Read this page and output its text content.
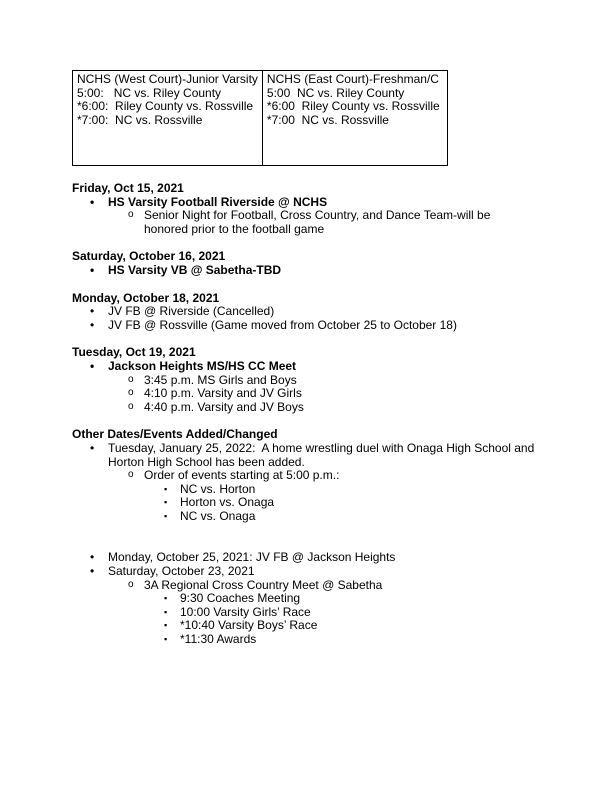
NCHS (West Court)-Junior Varsity
5:00:   NC vs. Riley County
*6:00:  Riley County vs. Rossville
*7:00:  NC vs. Rossville

NCHS (East Court)-Freshman/C
5:00  NC vs. Riley County
*6:00  Riley County vs. Rossville
*7:00  NC vs. Rossville
Friday, Oct 15, 2021
• HS Varsity Football Riverside @ NCHS
o Senior Night for Football, Cross Country, and Dance Team-will be
honored prior to the football game
Saturday, October 16, 2021
• HS Varsity VB @ Sabetha-TBD
Monday, October 18, 2021
• JV FB @ Riverside (Cancelled)
• JV FB @ Rossville (Game moved from October 25 to October 18)
Tuesday, Oct 19, 2021
• Jackson Heights MS/HS CC Meet
o 3:45 p.m. MS Girls and Boys
o 4:10 p.m. Varsity and JV Girls
o 4:40 p.m. Varsity and JV Boys
Other Dates/Events Added/Changed
• Tuesday, January 25, 2022:  A home wrestling duel with Onaga High School and
Horton High School has been added.
o Order of events starting at 5:00 p.m.:
▪ NC vs. Horton
▪ Horton vs. Onaga
▪ NC vs. Onaga
• Monday, October 25, 2021: JV FB @ Jackson Heights
• Saturday, October 23, 2021
o 3A Regional Cross Country Meet @ Sabetha
▪ 9:30 Coaches Meeting
▪ 10:00 Varsity Girls’ Race
▪ *10:40 Varsity Boys’ Race
▪ *11:30 Awards
